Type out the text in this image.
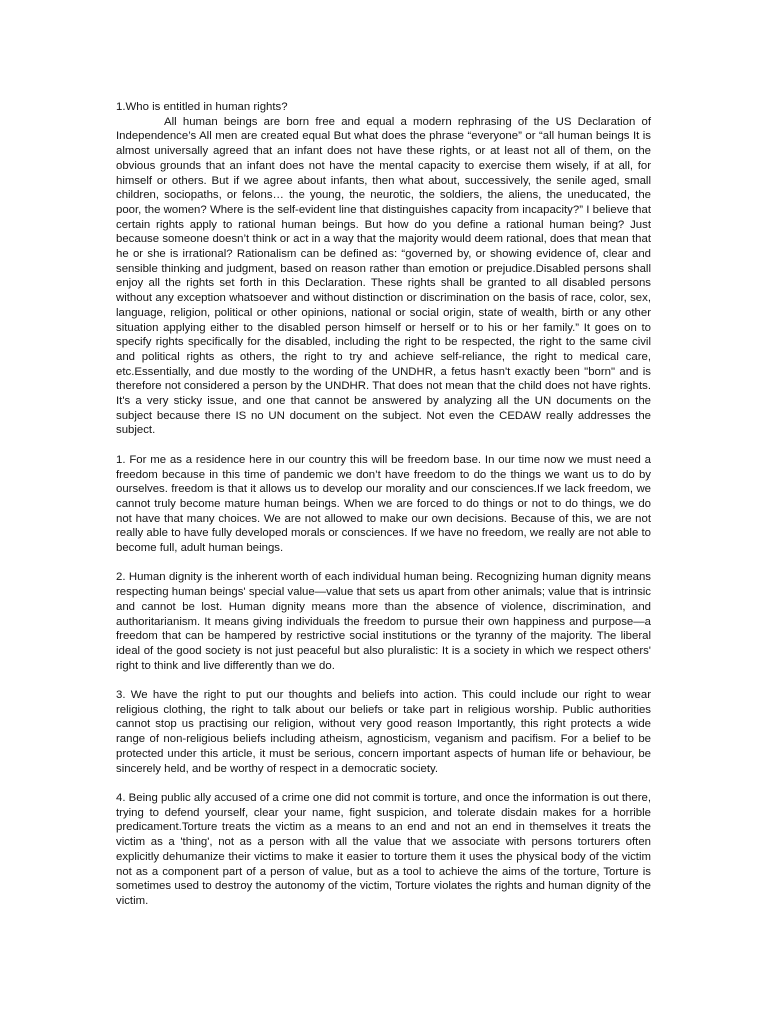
1.Who is entitled in human rights?

All human beings are born free and equal a modern rephrasing of the US Declaration of Independence’s All men are created equal But what does the phrase “everyone” or “all human beings It is almost universally agreed that an infant does not have these rights, or at least not all of them, on the obvious grounds that an infant does not have the mental capacity to exercise them wisely, if at all, for himself or others. But if we agree about infants, then what about, successively, the senile aged, small children, sociopaths, or felons… the young, the neurotic, the soldiers, the aliens, the uneducated, the poor, the women? Where is the self-evident line that distinguishes capacity from incapacity?” I believe that certain rights apply to rational human beings. But how do you define a rational human being? Just because someone doesn’t think or act in a way that the majority would deem rational, does that mean that he or she is irrational? Rationalism can be defined as: “governed by, or showing evidence of, clear and sensible thinking and judgment, based on reason rather than emotion or prejudice.Disabled persons shall enjoy all the rights set forth in this Declaration. These rights shall be granted to all disabled persons without any exception whatsoever and without distinction or discrimination on the basis of race, color, sex, language, religion, political or other opinions, national or social origin, state of wealth, birth or any other situation applying either to the disabled person himself or herself or to his or her family.” It goes on to specify rights specifically for the disabled, including the right to be respected, the right to the same civil and political rights as others, the right to try and achieve self-reliance, the right to medical care, etc.Essentially, and due mostly to the wording of the UNDHR, a fetus hasn't exactly been "born" and is therefore not considered a person by the UNDHR. That does not mean that the child does not have rights. It's a very sticky issue, and one that cannot be answered by analyzing all the UN documents on the subject because there IS no UN document on the subject. Not even the CEDAW really addresses the subject.

1. For me as a residence here in our country this will be freedom base. In our time now we must need a freedom because in this time of pandemic we don’t have freedom to do the things we want us to do by ourselves. freedom is that it allows us to develop our morality and our consciences.If we lack freedom, we cannot truly become mature human beings. When we are forced to do things or not to do things, we do not have that many choices. We are not allowed to make our own decisions. Because of this, we are not really able to have fully developed morals or consciences. If we have no freedom, we really are not able to become full, adult human beings.

2. Human dignity is the inherent worth of each individual human being. Recognizing human dignity means respecting human beings' special value—value that sets us apart from other animals; value that is intrinsic and cannot be lost. Human dignity means more than the absence of violence, discrimination, and authoritarianism. It means giving individuals the freedom to pursue their own happiness and purpose—a freedom that can be hampered by restrictive social institutions or the tyranny of the majority. The liberal ideal of the good society is not just peaceful but also pluralistic: It is a society in which we respect others' right to think and live differently than we do.

3. We have the right to put our thoughts and beliefs into action. This could include our right to wear religious clothing, the right to talk about our beliefs or take part in religious worship. Public authorities cannot stop us practising our religion, without very good reason Importantly, this right protects a wide range of non-religious beliefs including atheism, agnosticism, veganism and pacifism. For a belief to be protected under this article, it must be serious, concern important aspects of human life or behaviour, be sincerely held, and be worthy of respect in a democratic society.

4. Being public ally accused of a crime one did not commit is torture, and once the information is out there, trying to defend yourself, clear your name, fight suspicion, and tolerate disdain makes for a horrible predicament.Torture treats the victim as a means to an end and not an end in themselves it treats the victim as a 'thing', not as a person with all the value that we associate with persons torturers often explicitly dehumanize their victims to make it easier to torture them it uses the physical body of the victim not as a component part of a person of value, but as a tool to achieve the aims of the torture, Torture is sometimes used to destroy the autonomy of the victim, Torture violates the rights and human dignity of the victim.
